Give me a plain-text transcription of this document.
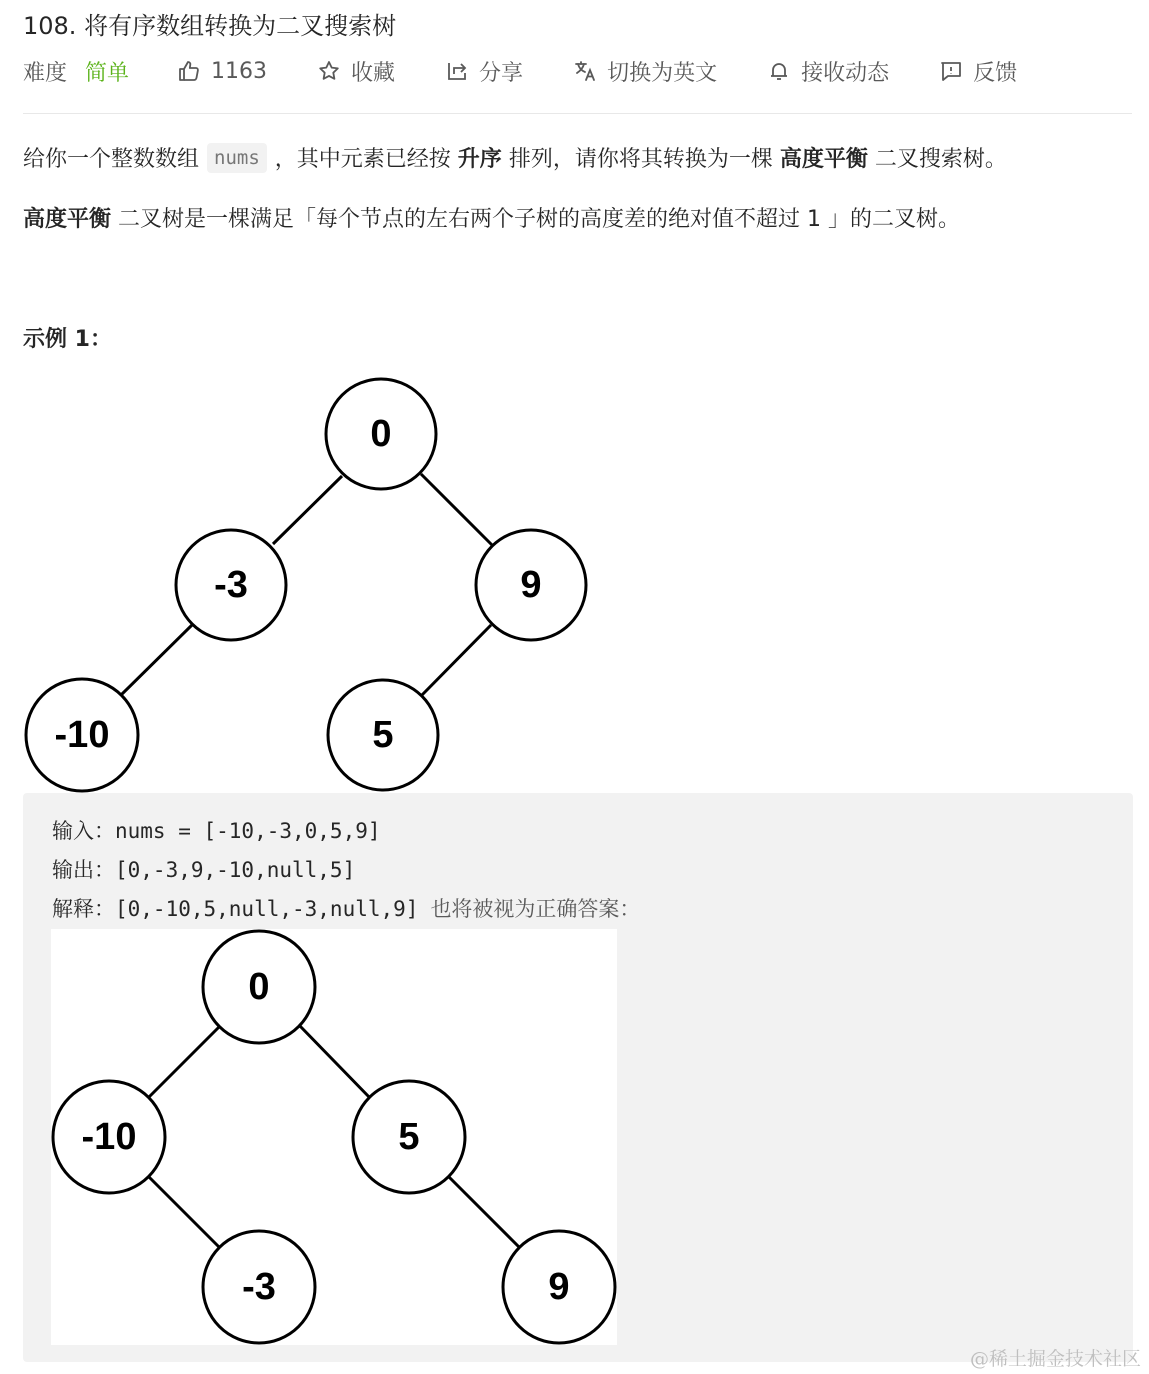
108. 将有序数组转换为二叉搜索树
难度 简单	1163	收藏	分享	切换为英文	接收动态	反馈
给你一个整数数组 nums ，其中元素已经按 升序 排列，请你将其转换为一棵 高度平衡 二叉搜索树。
高度平衡 二叉树是一棵满足「每个节点的左右两个子树的高度差的绝对值不超过 1 」的二叉树。
示例 1：
0
-3	9
-10	5
输入：nums = [-10,-3,0,5,9]
输出：[0,-3,9,-10,null,5]
解释：[0,-10,5,null,-3,null,9] 也将被视为正确答案：
0
-10	5
-3	9
@稀土掘金技术社区
